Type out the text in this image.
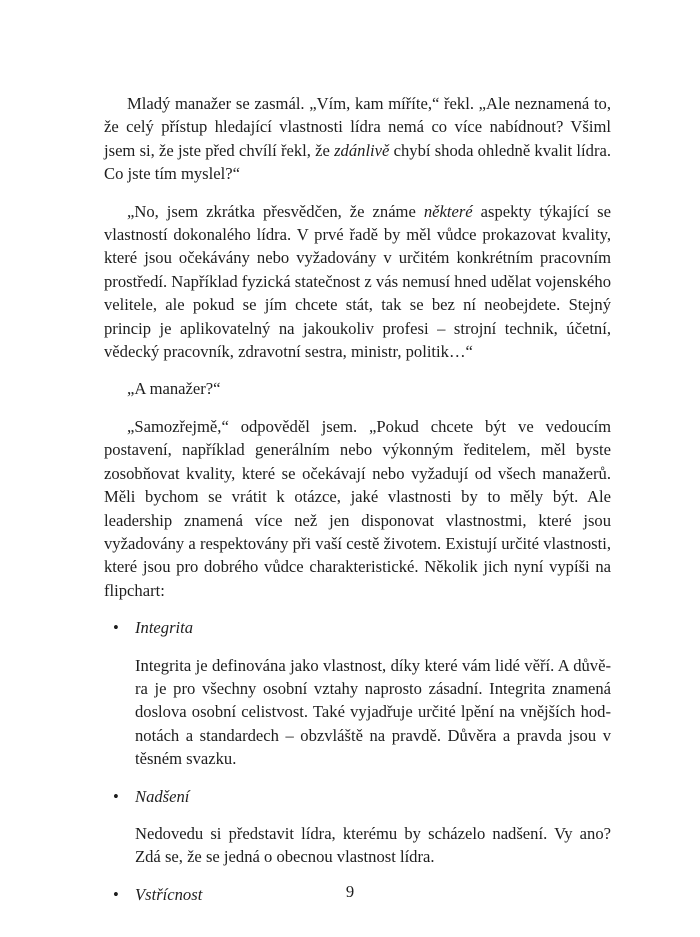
Mladý manažer se zasmál. „Vím, kam míříte,“ řekl. „Ale neznamená to, že celý přístup hledající vlastnosti lídra nemá co více nabídnout? Všiml jsem si, že jste před chvílí řekl, že zdánlivě chybí shoda ohledně kvalit lídra. Co jste tím myslel?“

„No, jsem zkrátka přesvědčen, že známe některé aspekty týkající se vlastností dokonalého lídra. V prvé řadě by měl vůdce prokazovat kvality, které jsou očekávány nebo vyžadovány v určitém konkrétním pracovním prostředí. Například fyzická statečnost z vás nemusí hned udělat vojenského velitele, ale pokud se jím chcete stát, tak se bez ní neobejdete. Stejný princip je aplikovatelný na jakoukoliv profesi – strojní technik, účetní, vědecký pracovník, zdravotní sestra, ministr, politik…“

„A manažer?“

„Samozřejmě,“ odpověděl jsem. „Pokud chcete být ve vedoucím postavení, například generálním nebo výkonným ředitelem, měl byste zosobňovat kvality, které se očekávají nebo vyžadují od všech manažerů. Měli bychom se vrátit k otázce, jaké vlastnosti by to měly být. Ale leadership znamená více než jen disponovat vlastnostmi, které jsou vyžadovány a respektovány při vaší cestě životem. Existují určité vlastnosti, které jsou pro dobrého vůdce charakteristické. Několik jich nyní vypíši na flipchart:

• Integrita

Integrita je definována jako vlastnost, díky které vám lidé věří. A důvěra je pro všechny osobní vztahy naprosto zásadní. Integrita znamená doslova osobní celistvost. Také vyjadřuje určité lpění na vnějších hodnotách a standardech – obzvláště na pravdě. Důvěra a pravda jsou v těsném svazku.

• Nadšení

Nedovedu si představit lídra, kterému by scházelo nadšení. Vy ano? Zdá se, že se jedná o obecnou vlastnost lídra.

• Vstřícnost	9
